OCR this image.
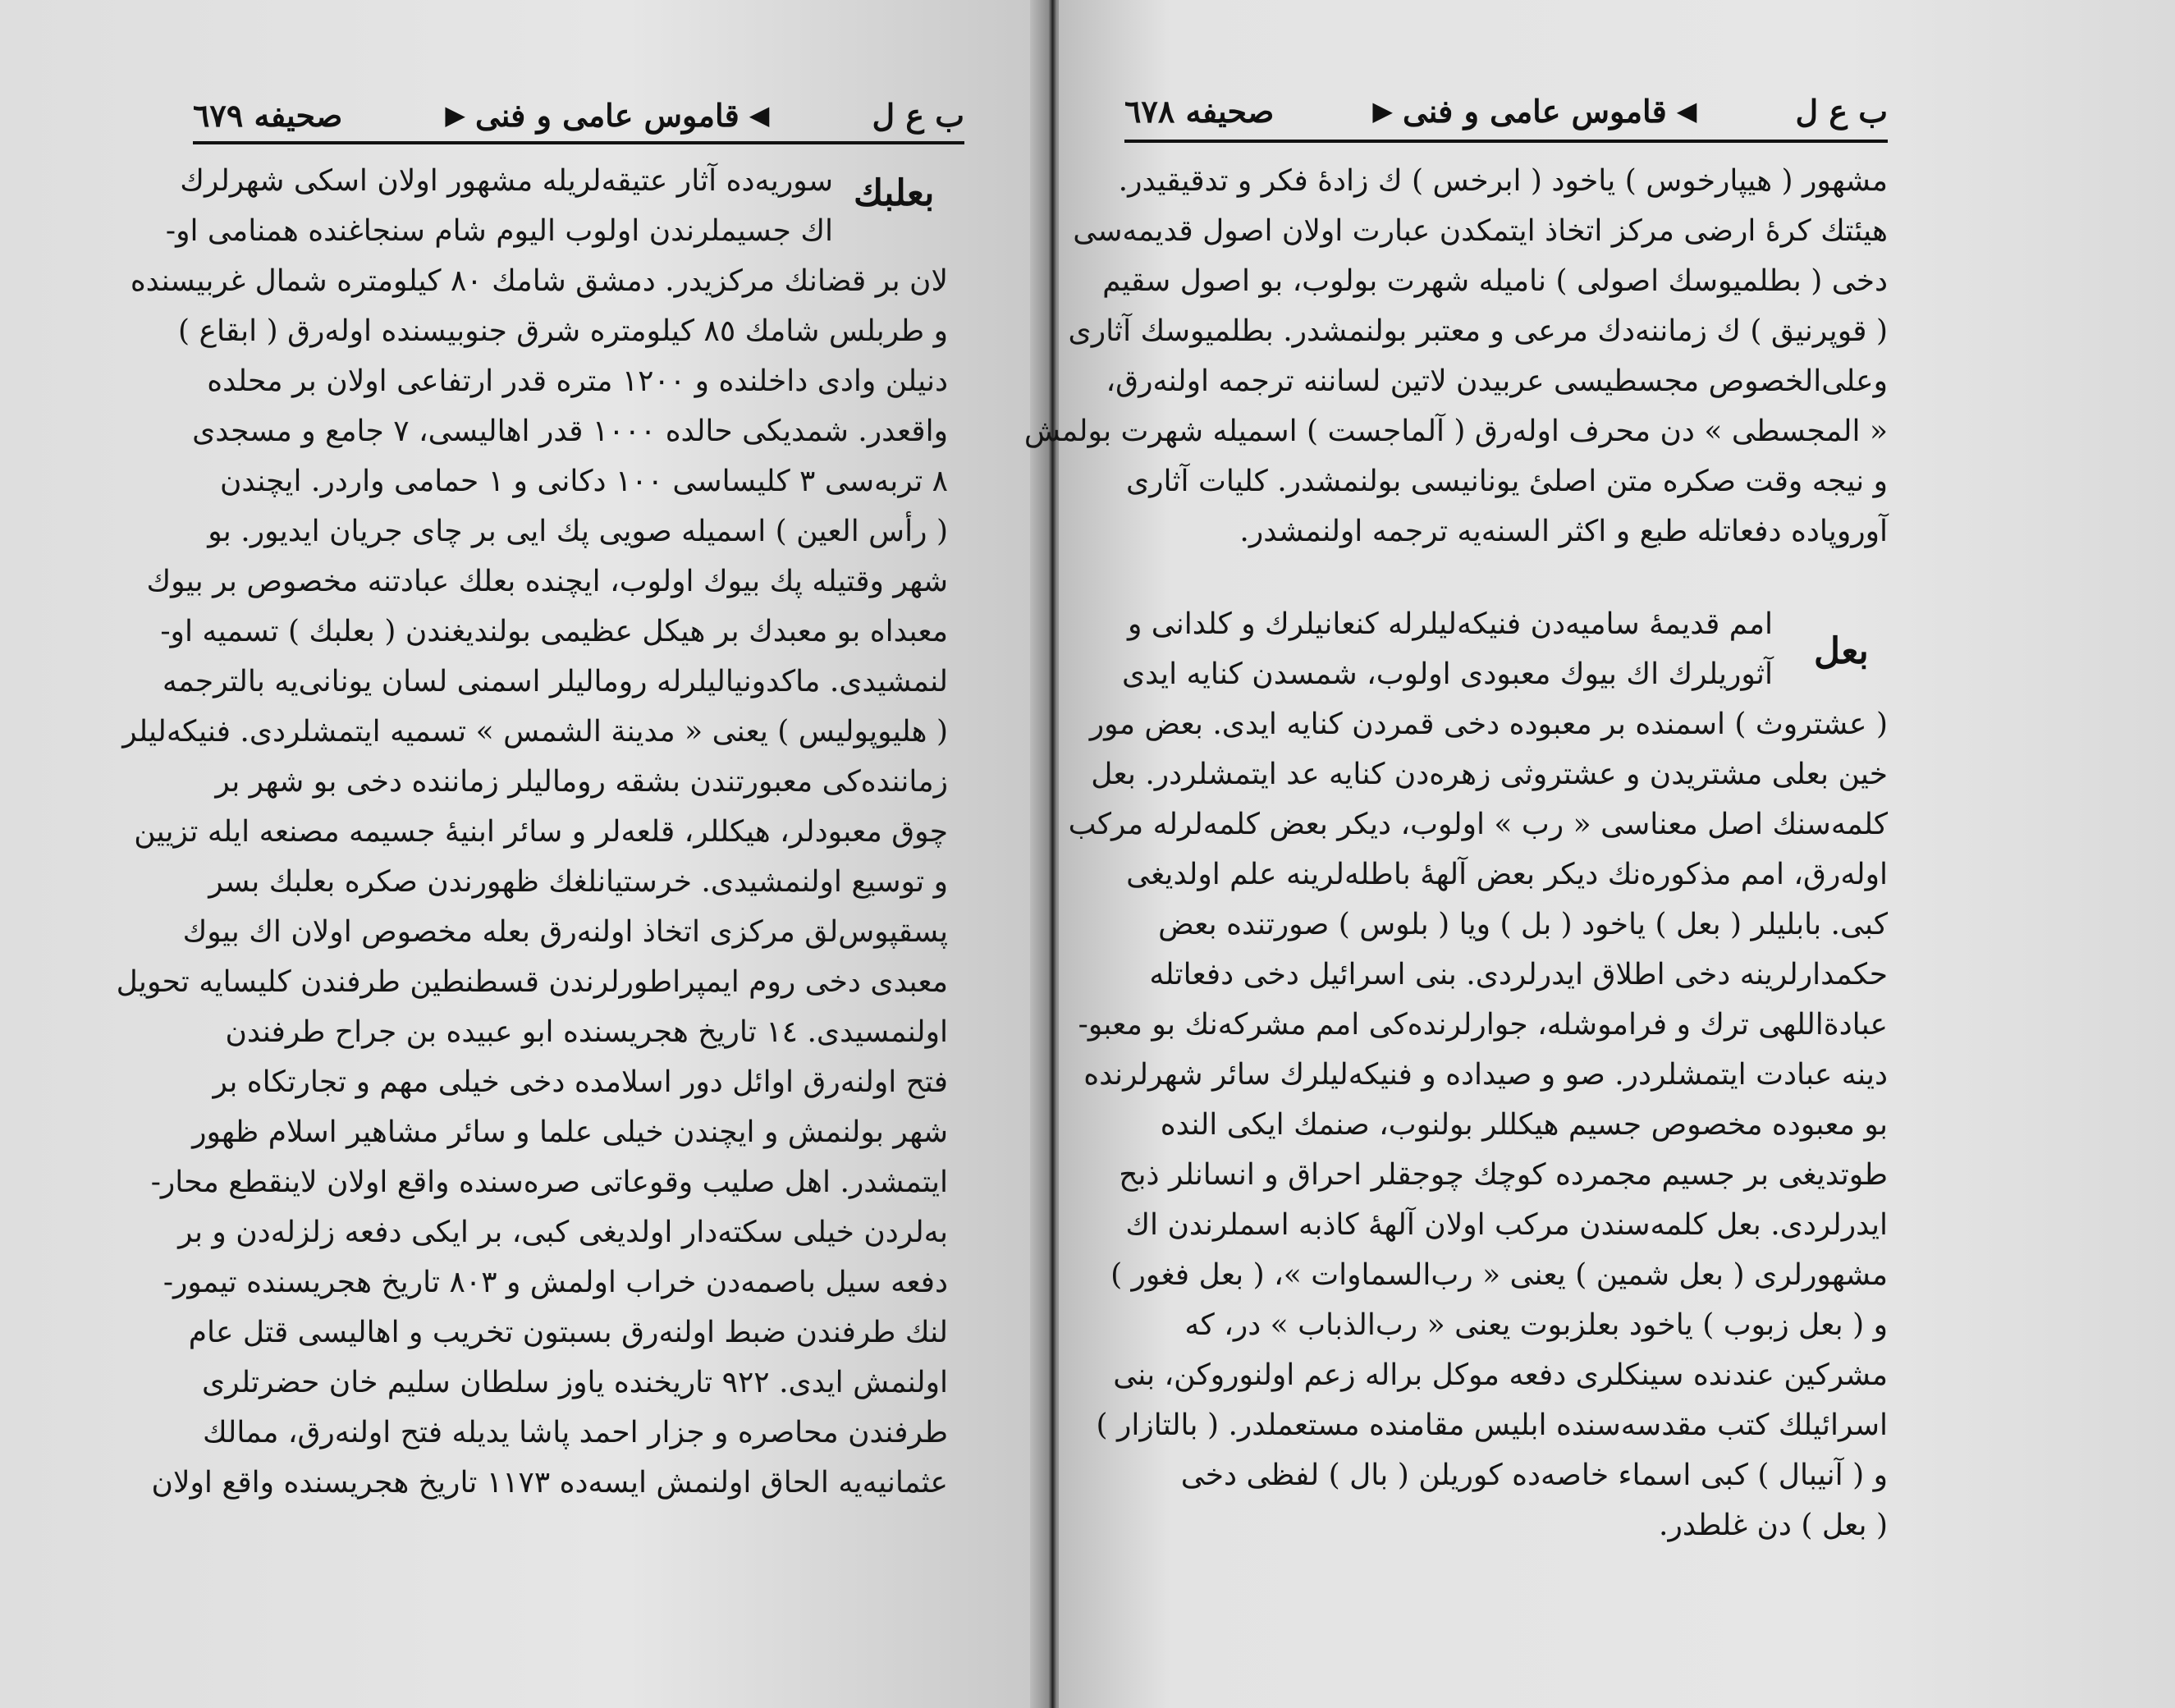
ب ع ل
◀
قاموس عامی و فنی
▶
صحیفه ٦٧٩
بعلبك
سوریه‌ده آثار عتیقه‌لریله مشهور اولان اسکی شهرلرك
اك جسیملرندن اولوب الیوم شام سنجاغنده همنامی او-
لان بر قضانك مرکزیدر. دمشق شامك ٨٠ کیلومتره شمال غربیسنده
و طربلس شامك ٨٥ کیلومتره شرق جنوبیسنده اوله‌رق ( ابقاع )
دنیلن وادی داخلنده و ١٢٠٠ متره قدر ارتفاعی اولان بر محلده
واقعدر. شمدیکی حالده ١٠٠٠ قدر اهالیسی، ٧ جامع و مسجدی
٨ تربه‌سی ٣ کلیساسی ١٠٠ دکانی و ١ حمامی واردر. ایچندن
( رأس العین ) اسمیله صویی پك ایی بر چای جریان ایدیور. بو
شهر وقتیله پك بیوك اولوب، ایچنده بعلك عبادتنه مخصوص بر بیوك
معبداه بو معبدك بر هیکل عظیمی بولندیغندن ( بعلبك ) تسمیه او-
لنمشیدی. ماکدونیالیلرله رومالیلر اسمنی لسان یونانی‌یه بالترجمه
( هلیوپولیس ) یعنی « مدینة الشمس » تسمیه ایتمشلردی. فنیکه‌لیلر
زماننده‌کی معبورتندن بشقه رومالیلر زماننده دخی بو شهر بر
چوق معبودلر، هیکللر، قلعه‌لر و سائر ابنیهٔ جسیمه مصنعه ایله تزیین
و توسیع اولنمشیدی. خرستیانلغك ظهورندن صکره بعلبك بسر
پسقپوس‌لق مرکزی اتخاذ اولنه‌رق بعله مخصوص اولان اك بیوك
معبدی دخی روم ایمپراطورلرندن قسطنطین طرفندن کلیسایه تحویل
اولنمسیدی. ١٤ تاریخ هجریسنده ابو عبیده بن جراح طرفندن
فتح اولنه‌رق اوائل دور اسلامده دخی خیلی مهم و تجارتکاه بر
شهر بولنمش و ایچندن خیلی علما و سائر مشاهیر اسلام ظهور
ایتمشدر. اهل صلیب وقوعاتی صره‌سنده واقع اولان لاینقطع محار-
به‌لردن خیلی سکته‌دار اولدیغی کبی، بر ایکی دفعه زلزله‌دن و بر
دفعه سیل باصمه‌دن خراب اولمش و ٨٠٣ تاریخ هجریسنده تیمور-
لنك طرفندن ضبط اولنه‌رق بسبتون تخریب و اهالیسی قتل عام
اولنمش ایدی. ٩٢٢ تاریخنده یاوز سلطان سلیم خان حضرتلری
طرفندن محاصره و جزار احمد پاشا یدیله فتح اولنه‌رق، ممالك
عثمانیه‌یه الحاق اولنمش ایسه‌ده ١١٧٣ تاریخ هجریسنده واقع اولان
ب ع ل
◀
قاموس عامی و فنی
▶
صحیفه ٦٧٨
مشهور ( هیپارخوس ) یاخود ( ابرخس ) ك زادهٔ فکر و تدقیقیدر.
هیئتك کرهٔ ارضی مرکز اتخاذ ایتمکدن عبارت اولان اصول قدیمه‌سی
دخی ( بطلمیوسك اصولی ) نامیله شهرت بولوب، بو اصول سقیم
( قوپرنیق ) ك زماننه‌دك مرعی و معتبر بولنمشدر. بطلمیوسك آثاری
وعلی‌الخصوص مجسطیسی عربیدن لاتین لساننه ترجمه اولنه‌رق،
« المجسطی » دن محرف اوله‌رق ( آلماجست ) اسمیله شهرت بولمش
و نیجه وقت صکره متن اصلیٔ یونانیسی بولنمشدر. کلیات آثاری
آوروپاده دفعاتله طبع و اکثر السنه‌یه ترجمه اولنمشدر.
بعل
امم قدیمهٔ سامیه‌دن فنیکه‌لیلرله کنعانیلرك و کلدانی و
آثوریلرك اك بیوك معبودی اولوب، شمسدن کنایه ایدی
( عشتروث ) اسمنده بر معبوده دخی قمردن کنایه ایدی. بعض مور
خین بعلی مشتریدن و عشتروثی زهره‌دن کنایه عد ایتمشلردر. بعل
کلمه‌سنك اصل معناسی « رب » اولوب، دیکر بعض کلمه‌لرله مرکب
اوله‌رق، امم مذکوره‌نك دیکر بعض آلههٔ باطله‌لرینه علم اولدیغی
کبی. بابلیلر ( بعل ) یاخود ( بل ) ویا ( بلوس ) صورتنده بعض
حکمدارلرینه دخی اطلاق ایدرلردی. بنی اسرائیل دخی دفعاتله
عبادةاللهی ترك و فراموشله، جوارلرنده‌کی امم مشرکه‌نك بو معبو-
دینه عبادت ایتمشلردر. صو و صیداده و فنیکه‌لیلرك سائر شهرلرنده
بو معبوده مخصوص جسیم هیکللر بولنوب، صنمك ایکی النده
طوتدیغی بر جسیم مجمرده کوچك چوجقلر احراق و انسانلر ذبح
ایدرلردی. بعل کلمه‌سندن مرکب اولان آلههٔ کاذبه اسملرندن اك
مشهورلری ( بعل شمین ) یعنی « رب‌السماوات »، ( بعل فغور )
و ( بعل زبوب ) یاخود بعلزبوت یعنی « رب‌الذباب » در، که
مشرکین عندنده سینکلری دفعه موکل براله زعم اولنوروکن، بنی
اسرائیلك کتب مقدسه‌سنده ابلیس مقامنده مستعملدر. ( بالتازار )
و ( آنیبال ) کبی اسماء خاصه‌ده کوریلن ( بال ) لفظی دخی
( بعل ) دن غلطدر.
